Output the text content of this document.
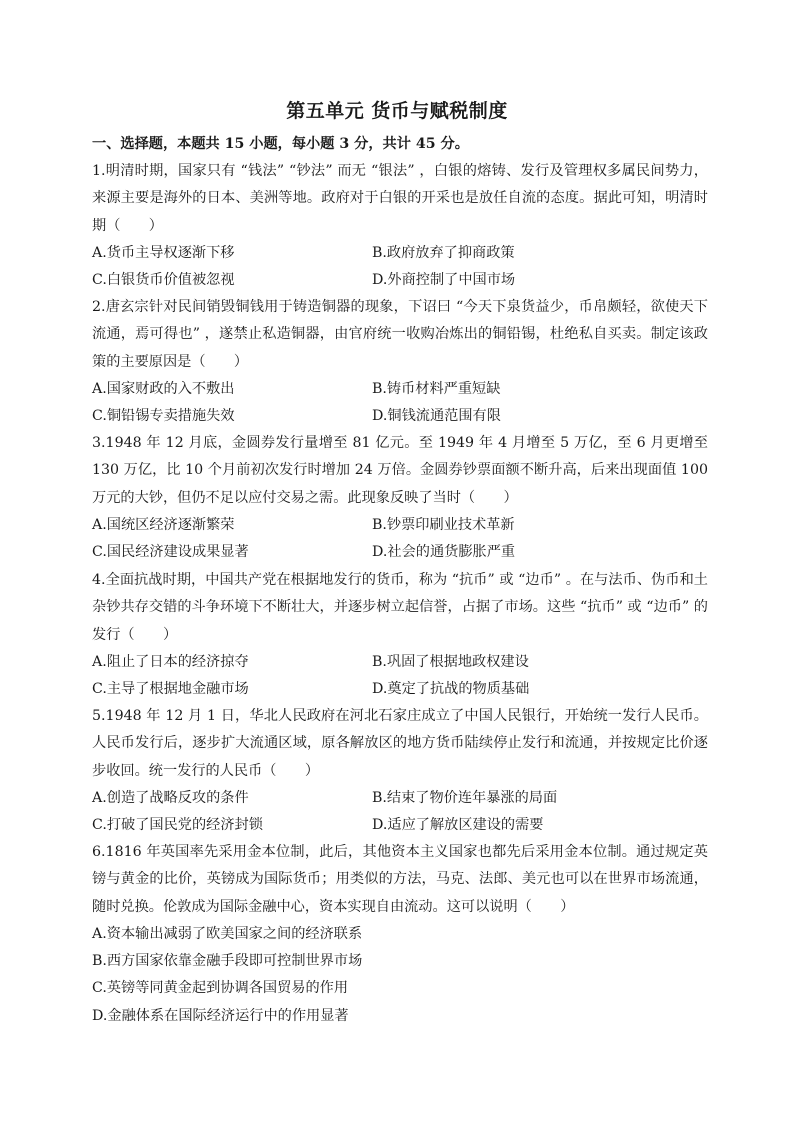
第五单元 货币与赋税制度
一、选择题，本题共 15 小题，每小题 3 分，共计 45 分。

1.明清时期，国家只有 “钱法” “钞法” 而无 “银法” ，白银的熔铸、发行及管理权多属民间势力，来源主要是海外的日本、美洲等地。政府对于白银的开采也是放任自流的态度。据此可知，明清时期（　　）

A.货币主导权逐渐下移	B.政府放弃了抑商政策
C.白银货币价值被忽视	D.外商控制了中国市场

2.唐玄宗针对民间销毁铜钱用于铸造铜器的现象，下诏曰 “今天下泉货益少，币帛颇轻，欲使天下流通，焉可得也” ，遂禁止私造铜器，由官府统一收购冶炼出的铜铅锡，杜绝私自买卖。制定该政策的主要原因是（　　）

A.国家财政的入不敷出	B.铸币材料严重短缺
C.铜铅锡专卖措施失效	D.铜钱流通范围有限

3.1948 年 12 月底，金圆券发行量增至 81 亿元。至 1949 年 4 月增至 5 万亿，至 6 月更增至 130 万亿，比 10 个月前初次发行时增加 24 万倍。金圆券钞票面额不断升高，后来出现面值 100 万元的大钞，但仍不足以应付交易之需。此现象反映了当时（　　）

A.国统区经济逐渐繁荣	B.钞票印刷业技术革新
C.国民经济建设成果显著	D.社会的通货膨胀严重

4.全面抗战时期，中国共产党在根据地发行的货币，称为 “抗币” 或 “边币” 。在与法币、伪币和土杂钞共存交错的斗争环境下不断壮大，并逐步树立起信誉，占据了市场。这些 “抗币” 或 “边币” 的发行（　　）

A.阻止了日本的经济掠夺	B.巩固了根据地政权建设
C.主导了根据地金融市场	D.奠定了抗战的物质基础

5.1948 年 12 月 1 日，华北人民政府在河北石家庄成立了中国人民银行，开始统一发行人民币。人民币发行后，逐步扩大流通区域，原各解放区的地方货币陆续停止发行和流通，并按规定比价逐步收回。统一发行的人民币（　　）

A.创造了战略反攻的条件	B.结束了物价连年暴涨的局面
C.打破了国民党的经济封锁	D.适应了解放区建设的需要

6.1816 年英国率先采用金本位制，此后，其他资本主义国家也都先后采用金本位制。通过规定英镑与黄金的比价，英镑成为国际货币；用类似的方法，马克、法郎、美元也可以在世界市场流通，随时兑换。伦敦成为国际金融中心，资本实现自由流动。这可以说明（　　）

A.资本输出减弱了欧美国家之间的经济联系
B.西方国家依靠金融手段即可控制世界市场
C.英镑等同黄金起到协调各国贸易的作用
D.金融体系在国际经济运行中的作用显著
